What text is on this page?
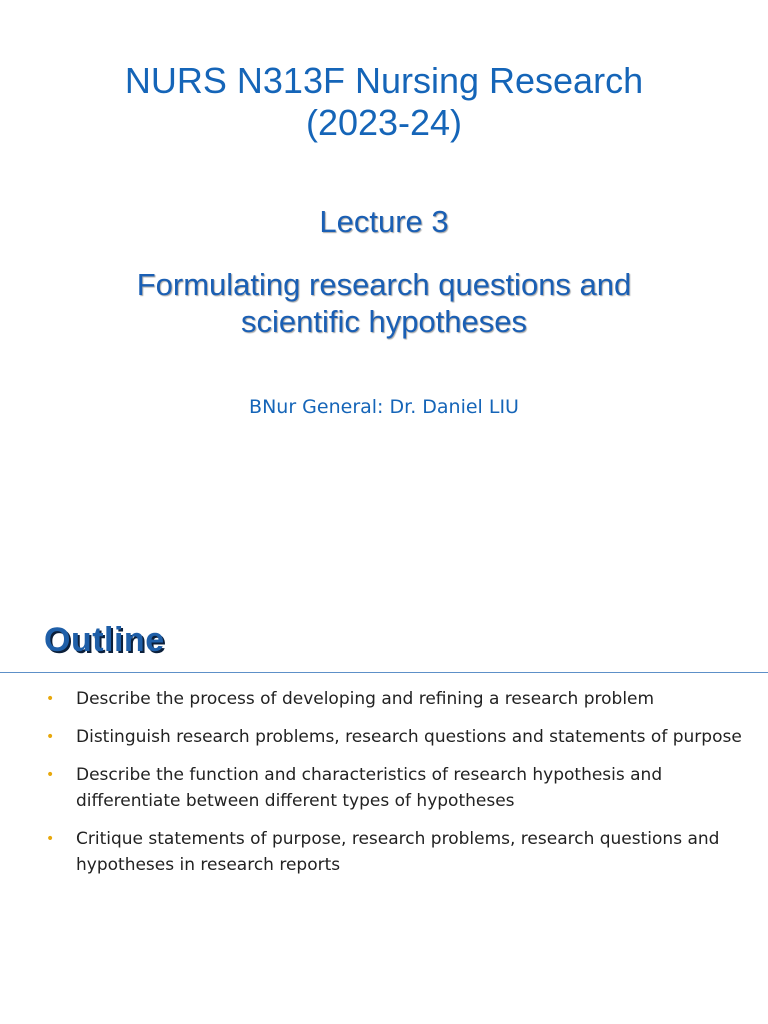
NURS N313F Nursing Research
(2023-24)
Lecture 3
Formulating research questions and
scientific hypotheses
BNur General: Dr. Daniel LIU
Outline
• Describe the process of developing and refining a research problem
• Distinguish research problems, research questions and statements of purpose
• Describe the function and characteristics of research hypothesis and differentiate between different types of hypotheses
• Critique statements of purpose, research problems, research questions and hypotheses in research reports
